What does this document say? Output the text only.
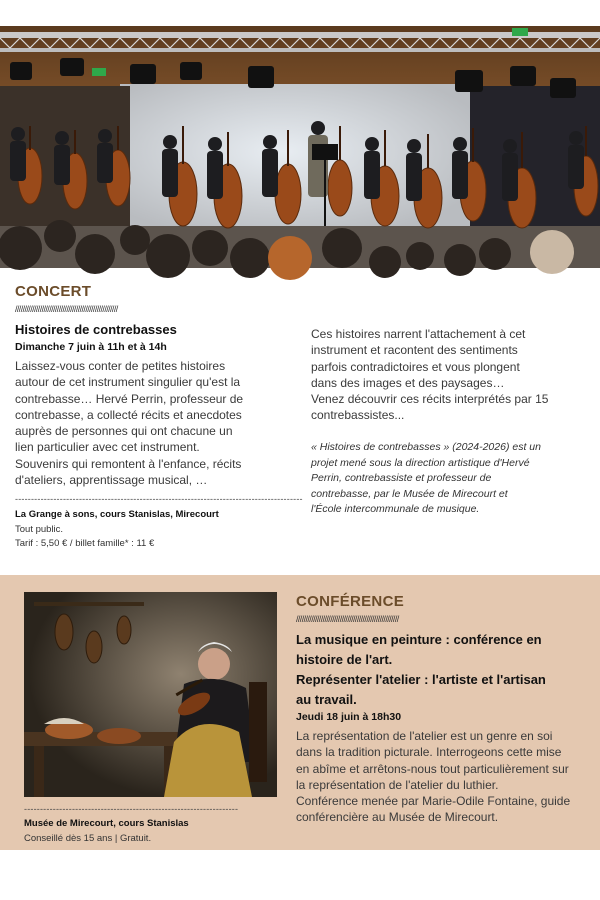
CONCERT
//////////////////////////////////////////////////////
Histoires de contrebasses
Dimanche 7 juin à 11h et à 14h
Laissez-vous conter de petites histoires
autour de cet instrument singulier qu'est la
contrebasse… Hervé Perrin, professeur de
contrebasse, a collecté récits et anecdotes
auprès de personnes qui ont chacune un
lien particulier avec cet instrument.
Souvenirs qui remontent à l'enfance, récits
d'ateliers, apprentissage musical, …
Ces histoires narrent l'attachement à cet
instrument et racontent des sentiments
parfois contradictoires et vous plongent
dans des images et des paysages…
Venez découvrir ces récits interprétés par 15
contrebassistes...
« Histoires de contrebasses » (2024-2026) est un
projet mené sous la direction artistique d'Hervé
Perrin, contrebassiste et professeur de
contrebasse, par le Musée de Mirecourt et
l'École intercommunale de musique.
------------------------------------------------------------------------------------------
La Grange à sons, cours Stanislas, Mirecourt
Tout public.
Tarif : 5,50 € / billet famille* : 11 €
-------------------------------------------------------------------
Musée de Mirecourt, cours Stanislas
Conseillé dès 15 ans | Gratuit.
CONFÉRENCE
//////////////////////////////////////////////////////
La musique en peinture : conférence en
histoire de l'art.
Représenter l'atelier : l'artiste et l'artisan
au travail.
Jeudi 18 juin à 18h30
La représentation de l'atelier est un genre en soi
dans la tradition picturale. Interrogeons cette mise
en abîme et arrêtons-nous tout particulièrement sur
la représentation de l'atelier du luthier.
Conférence menée par Marie-Odile Fontaine, guide
conférencière au Musée de Mirecourt.
